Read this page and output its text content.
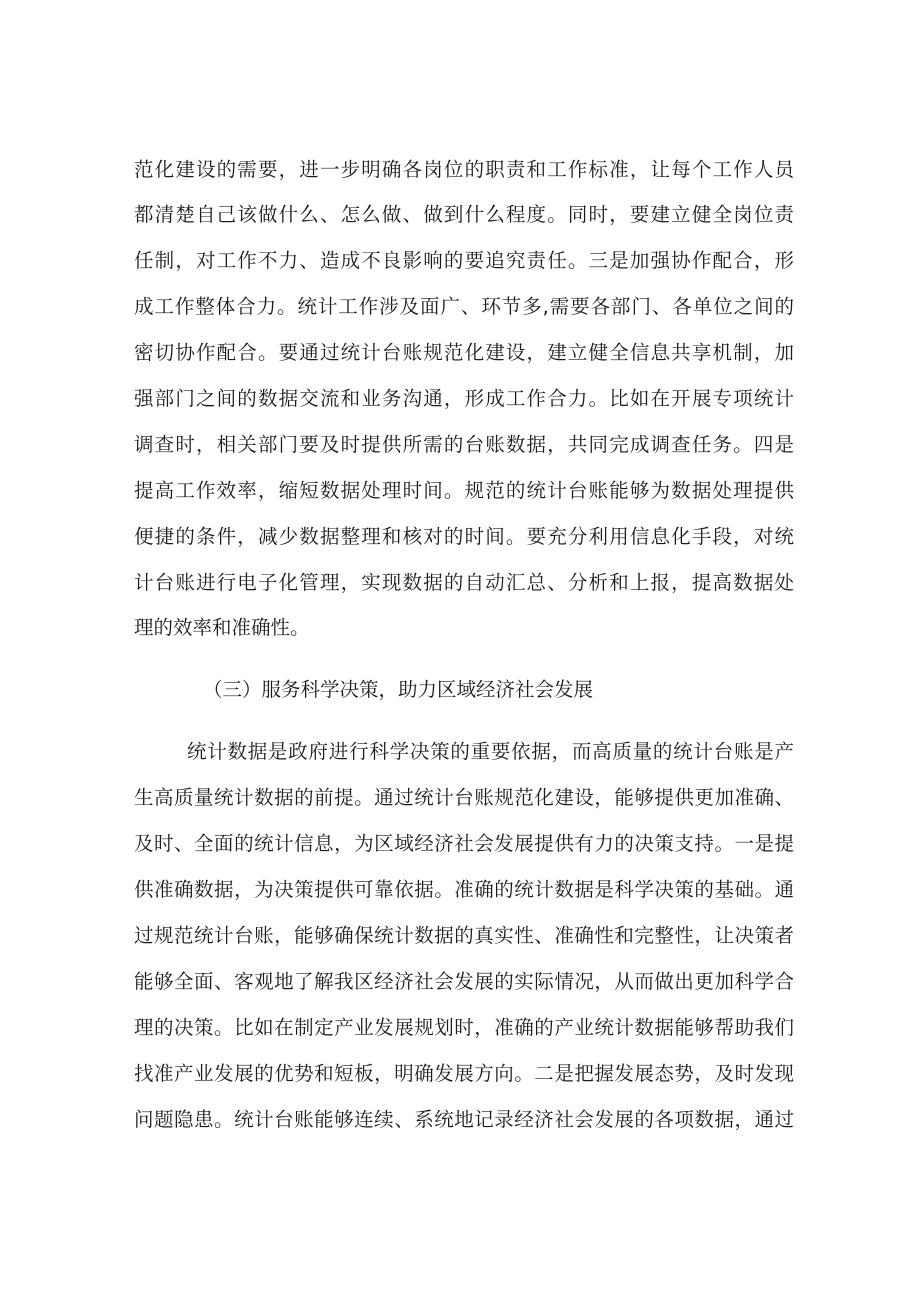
范化建设的需要，进一步明确各岗位的职责和工作标准，让每个工作人员
都清楚自己该做什么、怎么做、做到什么程度。同时，要建立健全岗位责
任制，对工作不力、造成不良影响的要追究责任。三是加强协作配合，形
成工作整体合力。统计工作涉及面广、环节多,需要各部门、各单位之间的
密切协作配合。要通过统计台账规范化建设，建立健全信息共享机制，加
强部门之间的数据交流和业务沟通，形成工作合力。比如在开展专项统计
调查时，相关部门要及时提供所需的台账数据，共同完成调查任务。四是
提高工作效率，缩短数据处理时间。规范的统计台账能够为数据处理提供
便捷的条件，减少数据整理和核对的时间。要充分利用信息化手段，对统
计台账进行电子化管理，实现数据的自动汇总、分析和上报，提高数据处
理的效率和准确性。
（三）服务科学决策，助力区域经济社会发展
统计数据是政府进行科学决策的重要依据，而高质量的统计台账是产
生高质量统计数据的前提。通过统计台账规范化建设，能够提供更加准确、
及时、全面的统计信息，为区域经济社会发展提供有力的决策支持。一是提
供准确数据，为决策提供可靠依据。准确的统计数据是科学决策的基础。通
过规范统计台账，能够确保统计数据的真实性、准确性和完整性，让决策者
能够全面、客观地了解我区经济社会发展的实际情况，从而做出更加科学合
理的决策。比如在制定产业发展规划时，准确的产业统计数据能够帮助我们
找准产业发展的优势和短板，明确发展方向。二是把握发展态势，及时发现
问题隐患。统计台账能够连续、系统地记录经济社会发展的各项数据，通过
